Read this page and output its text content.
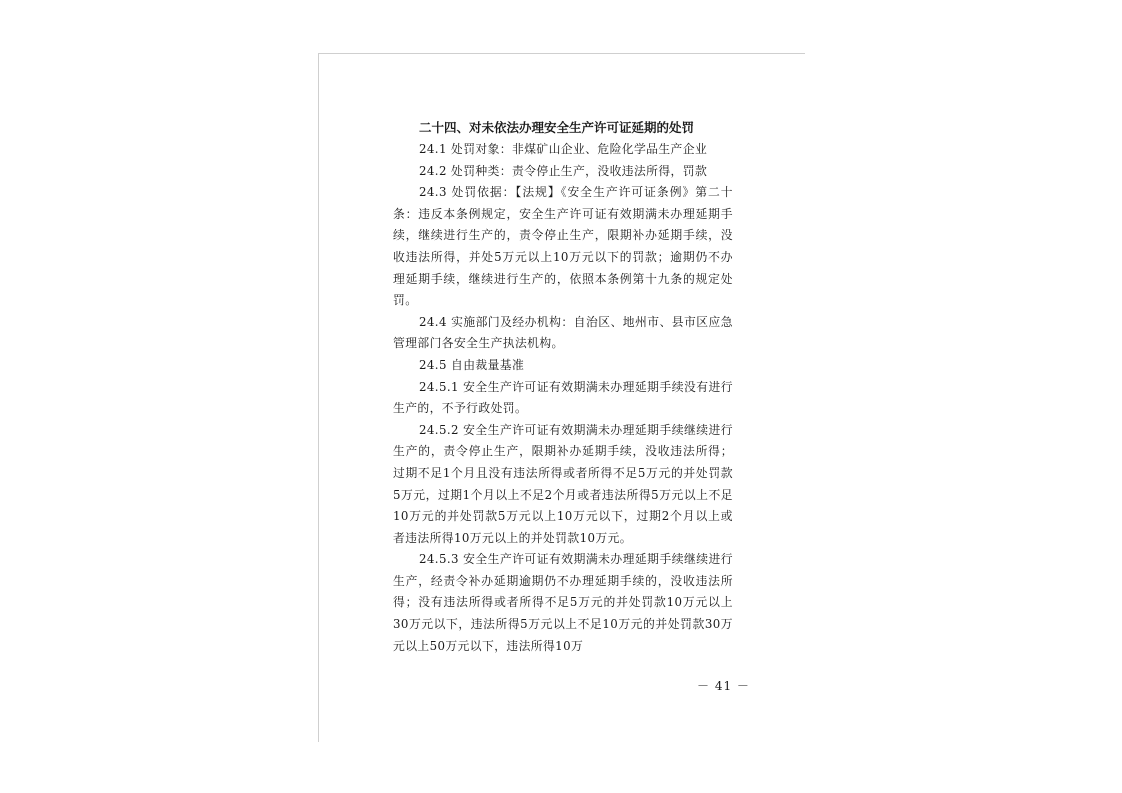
二十四、对未依法办理安全生产许可证延期的处罚

24.1 处罚对象：非煤矿山企业、危险化学品生产企业

24.2 处罚种类：责令停止生产，没收违法所得，罚款

24.3 处罚依据：【法规】《安全生产许可证条例》第二十条：违反本条例规定，安全生产许可证有效期满未办理延期手续，继续进行生产的，责令停止生产，限期补办延期手续，没收违法所得，并处5万元以上10万元以下的罚款；逾期仍不办理延期手续，继续进行生产的，依照本条例第十九条的规定处罚。

24.4 实施部门及经办机构：自治区、地州市、县市区应急管理部门各安全生产执法机构。

24.5 自由裁量基准

24.5.1 安全生产许可证有效期满未办理延期手续没有进行生产的，不予行政处罚。

24.5.2 安全生产许可证有效期满未办理延期手续继续进行生产的，责令停止生产，限期补办延期手续，没收违法所得；过期不足1个月且没有违法所得或者所得不足5万元的并处罚款5万元，过期1个月以上不足2个月或者违法所得5万元以上不足10万元的并处罚款5万元以上10万元以下，过期2个月以上或者违法所得10万元以上的并处罚款10万元。

24.5.3 安全生产许可证有效期满未办理延期手续继续进行生产，经责令补办延期逾期仍不办理延期手续的，没收违法所得；没有违法所得或者所得不足5万元的并处罚款10万元以上30万元以下，违法所得5万元以上不足10万元的并处罚款30万元以上50万元以下，违法所得10万

－ 41 －
